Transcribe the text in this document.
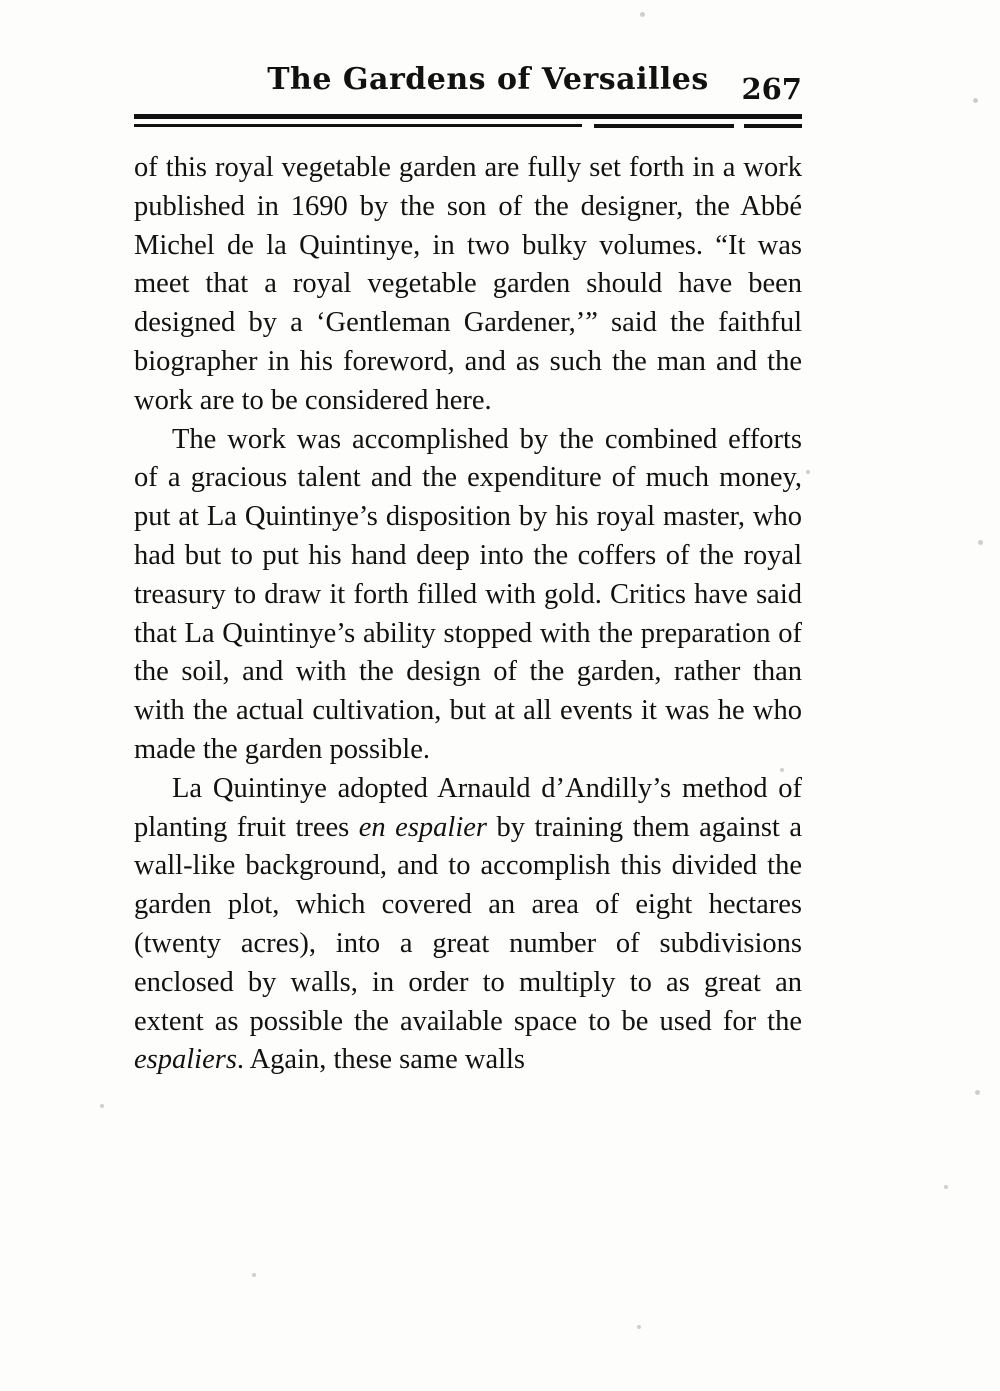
The Gardens of Versailles 267

of this royal vegetable garden are fully set forth in a work published in 1690 by the son of the designer, the Abbé Michel de la Quintinye, in two bulky volumes. “It was meet that a royal vegetable garden should have been designed by a ‘Gentleman Gardener,’” said the faithful biographer in his foreword, and as such the man and the work are to be considered here.

The work was accomplished by the combined efforts of a gracious talent and the expenditure of much money, put at La Quintinye’s disposition by his royal master, who had but to put his hand deep into the coffers of the royal treasury to draw it forth filled with gold. Critics have said that La Quintinye’s ability stopped with the preparation of the soil, and with the design of the garden, rather than with the actual cultivation, but at all events it was he who made the garden possible.

La Quintinye adopted Arnauld d’Andilly’s method of planting fruit trees en espalier by training them against a wall-like background, and to accomplish this divided the garden plot, which covered an area of eight hectares (twenty acres), into a great number of subdivisions enclosed by walls, in order to multiply to as great an extent as possible the available space to be used for the espaliers. Again, these same walls
